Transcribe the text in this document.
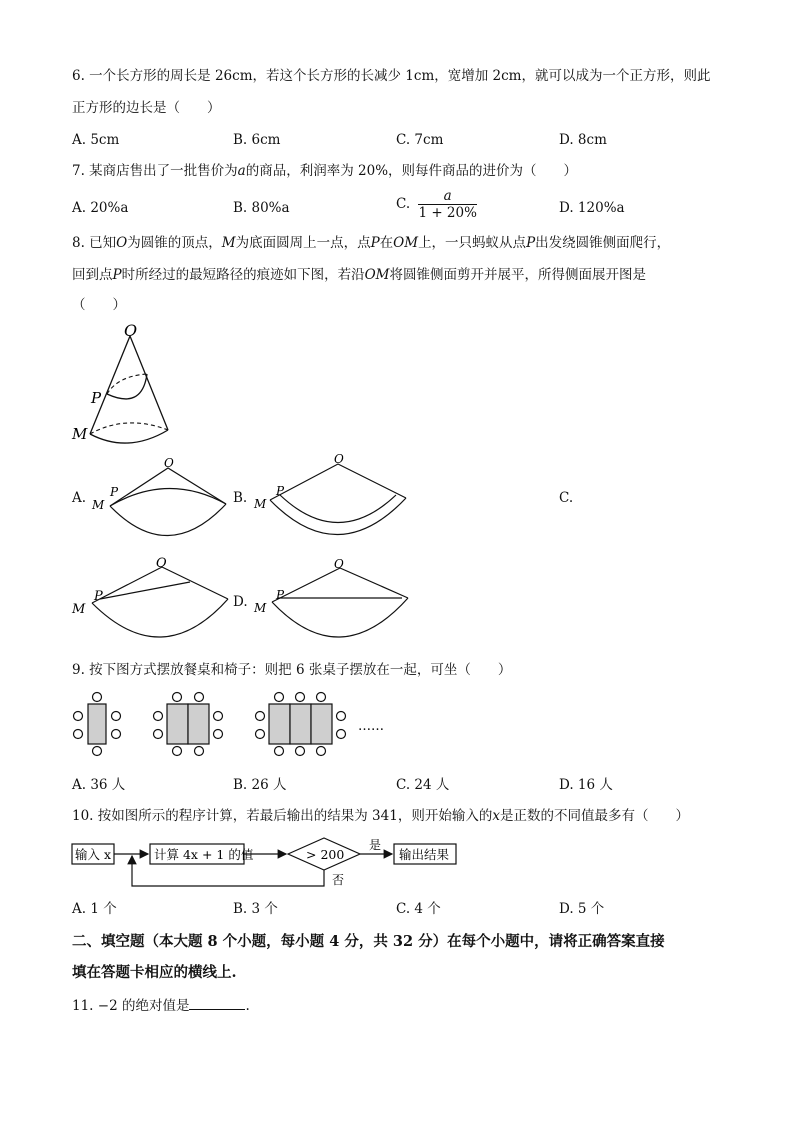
6. 一个长方形的周长是 26cm，若这个长方形的长减少 1cm，宽增加 2cm，就可以成为一个正方形，则此
正方形的边长是（　　）
A. 5cm	B. 6cm	C. 7cm	D. 8cm
7. 某商店售出了一批售价为a的商品，利润率为 20%，则每件商品的进价为（　　）
A. 20%a	B. 80%a	C. $\frac{a}{1 + 20\%}$	D. 120%a
8. 已知O为圆锥的顶点，M为底面圆周上一点，点P在OM上，一只蚂蚁从点P出发绕圆锥侧面爬行，
回到点P时所经过的最短路径的痕迹如下图，若沿OM将圆锥侧面剪开并展平，所得侧面展开图是
（　　）
O
P
M
A.
O
P
M	B.
O
P
M	C.
O
P
M	D.
O
P
M
9. 按下图方式摆放餐桌和椅子：则把 6 张桌子摆放在一起，可坐（　　）
……
A. 36 人	B. 26 人	C. 24 人	D. 16 人
10. 按如图所示的程序计算，若最后输出的结果为 341，则开始输入的x是正数的不同值最多有（　　）
输入 x	计算 4x + 1 的值	> 200
是
输出结果
否
A. 1 个	B. 3 个	C. 4 个	D. 5 个
二、填空题（本大题 8 个小题，每小题 4 分，共 32 分）在每个小题中，请将正确答案直接
填在答题卡相应的横线上.
11. −2 的绝对值是	.
